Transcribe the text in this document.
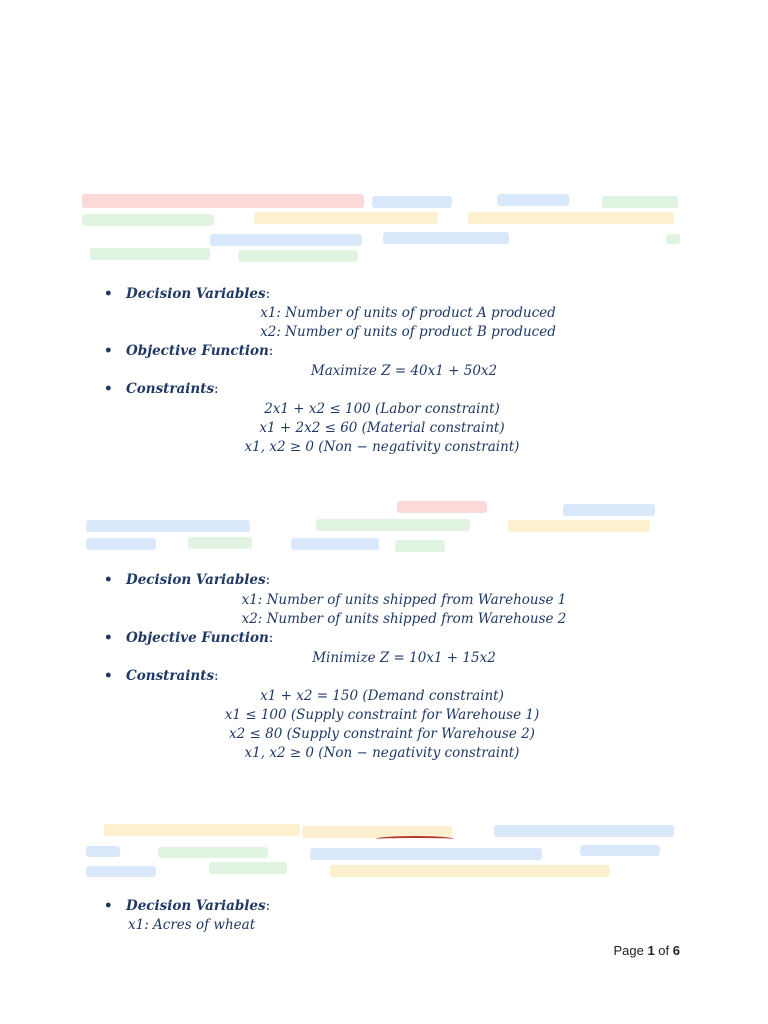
• Decision Variables:
x1: Number of units of product A produced
x2: Number of units of product B produced
• Objective Function:
Maximize Z = 40x1 + 50x2
• Constraints:
2x1 + x2 ≤ 100 (Labor constraint)
x1 + 2x2 ≤ 60 (Material constraint)
x1, x2 ≥ 0 (Non − negativity constraint)
• Decision Variables:
x1: Number of units shipped from Warehouse 1
x2: Number of units shipped from Warehouse 2
• Objective Function:
Minimize Z = 10x1 + 15x2
• Constraints:
x1 + x2 = 150 (Demand constraint)
x1 ≤ 100 (Supply constraint for Warehouse 1)
x2 ≤ 80 (Supply constraint for Warehouse 2)
x1, x2 ≥ 0 (Non − negativity constraint)
• Decision Variables:
x1: Acres of wheat
Page 1 of 6
